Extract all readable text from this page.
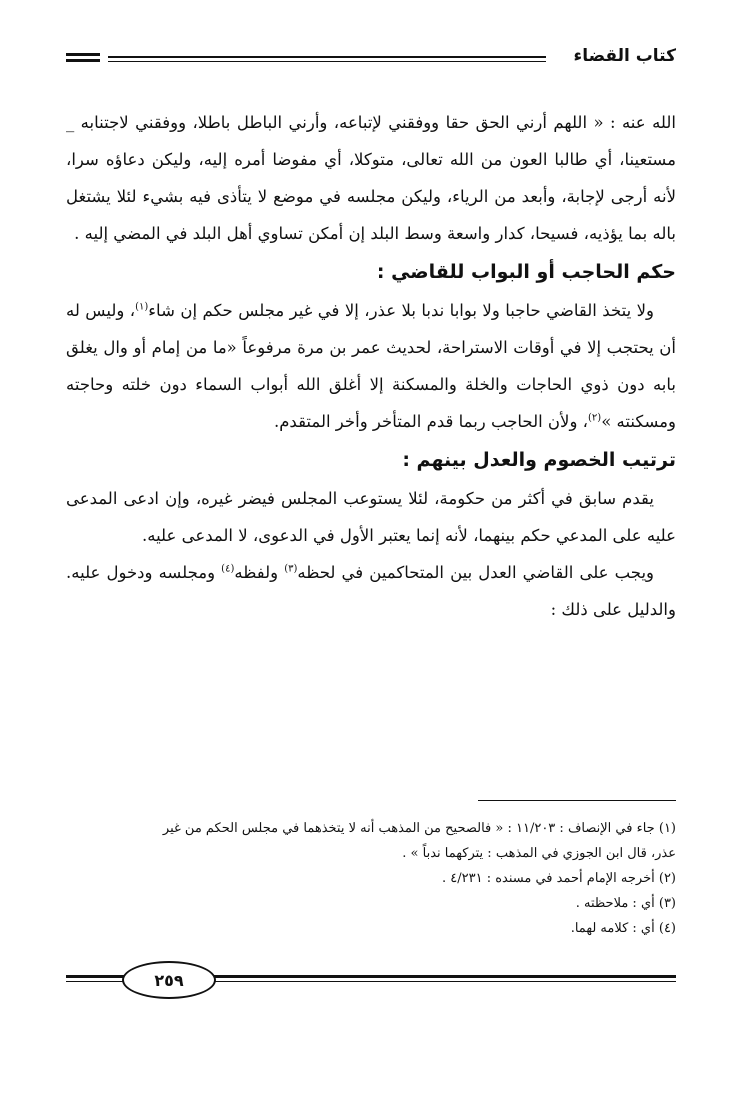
كتاب القضاء

الله عنه : « اللهم أرني الحق حقا ووفقني لإتباعه، وأرني الباطل باطلا، ووفقني لاجتنابه _ مستعينا، أي طالبا العون من الله تعالى، متوكلا، أي مفوضا أمره إليه، وليكن دعاؤه سرا، لأنه أرجى لإجابة، وأبعد من الرياء، وليكن مجلسه في موضع لا يتأذى فيه بشيء لئلا يشتغل باله بما يؤذيه، فسيحا، كدار واسعة وسط البلد إن أمكن تساوي أهل البلد في المضي إليه .

حكم الحاجب أو البواب للقاضي :

ولا يتخذ القاضي حاجبا ولا بوابا ندبا بلا عذر، إلا في غير مجلس حكم إن شاء$^{(١)}$، وليس له أن يحتجب إلا في أوقات الاستراحة، لحديث عمر بن مرة مرفوعاً «ما من إمام أو وال يغلق بابه دون ذوي الحاجات والخلة والمسكنة إلا أغلق الله أبواب السماء دون خلته وحاجته ومسكنته »$^{(٢)}$، ولأن الحاجب ربما قدم المتأخر وأخر المتقدم.

ترتيب الخصوم والعدل بينهم :

يقدم سابق في أكثر من حكومة، لئلا يستوعب المجلس فيضر غيره، وإن ادعى المدعى عليه على المدعي حكم بينهما، لأنه إنما يعتبر الأول في الدعوى، لا المدعى عليه.

ويجب على القاضي العدل بين المتحاكمين في لحظه$^{(٣)}$ ولفظه$^{(٤)}$ ومجلسه ودخول عليه. والدليل على ذلك :

(١) جاء في الإنصاف : ١١/٢٠٣ : « فالصحيح من المذهب أنه لا يتخذهما في مجلس الحكم من غير

عذر، قال ابن الجوزي في المذهب : يتركهما ندباً » .

(٢) أخرجه الإمام أحمد في مسنده : ٤/٢٣١ .

(٣) أي : ملاحظته .

(٤) أي : كلامه لهما.

٢٥٩
